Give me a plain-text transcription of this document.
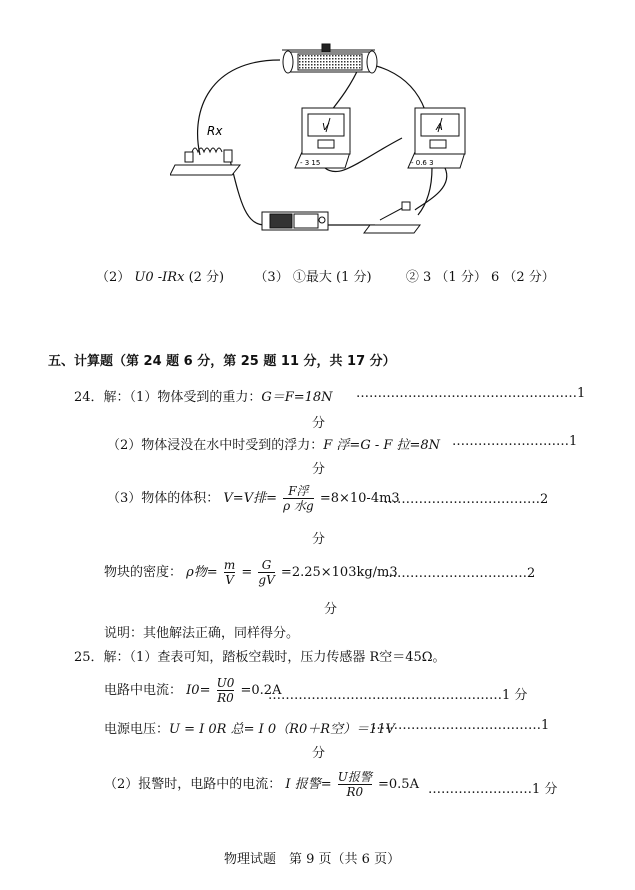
Rx	V
- 3 15
A
- 0.6 3
（2） U0 -IRx (2 分) （3） ①最大 (1 分)	② 3 （1 分） 6 （2 分）
五、计算题（第 24 题 6 分，第 25 题 11 分，共 17 分）
24．解：（1）物体受到的重力：G＝F=18N ……………………………………………1
分
（2）物体浸没在水中时受到的浮力：F 浮=G - F 拉=8N ………………………1
分
（3）物体的体积： V=V排= $\frac{\text{F浮}}{\text{ρ 水g}} =8\times 10-4m3$
………………………………2
分
物块的密度： ρ物= $\frac{m}{V} = \frac{G}{gV} =2.25\times 103kg/m3$
……………………………2
分
说明：其他解法正确，同样得分。
25．解：（1）查表可知，踏板空载时，压力传感器 R空＝45Ω。
电路中电流： $I0= \frac{U0}{R0} =0.2A$
………………………………………………1 分
电源电压：U = I 0R 总= I 0（R0＋R空）＝11V
…………………………………1
分
（2）报警时，电路中的电流： I 报警= $\frac{\text{U报警}}{R0} =0.5A$ ……………………1 分
物理试题　第 9 页（共 6 页）
